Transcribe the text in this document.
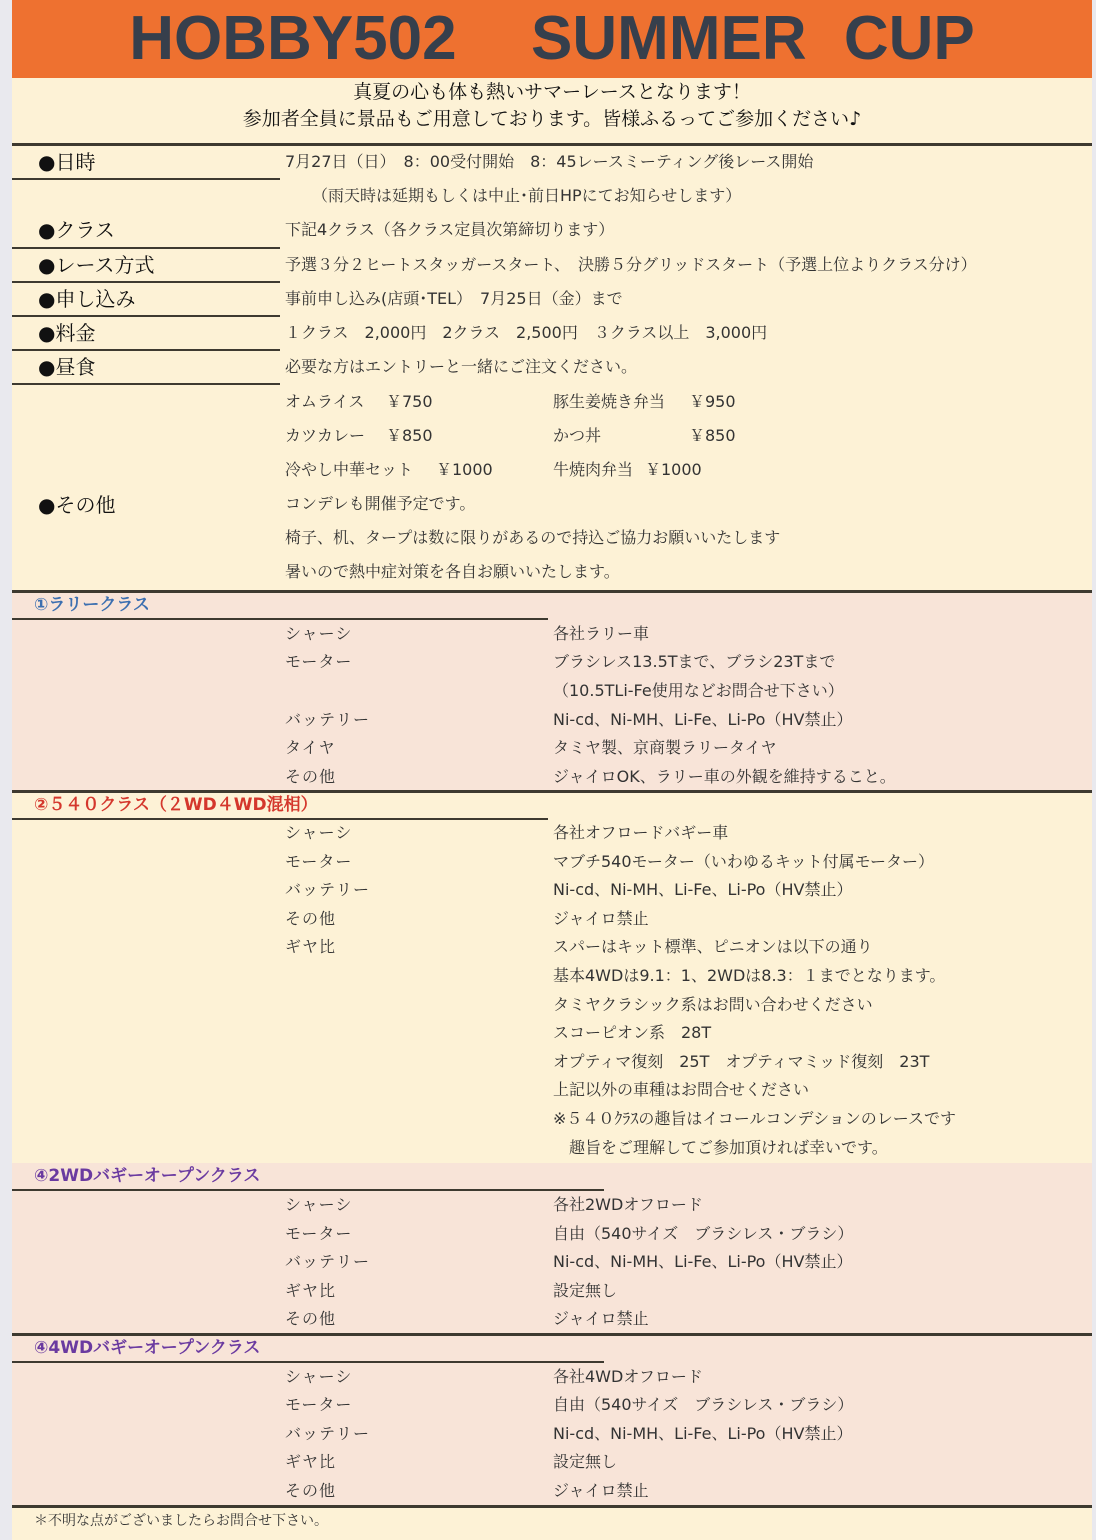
HOBBY502  SUMMER CUP
真夏の心も体も熱いサマーレースとなります！
参加者全員に景品もご用意しております。皆様ふるってご参加ください♪
●日時	7月27日（日）　8：00受付開始　8：45レースミーティング後レース開始
（雨天時は延期もしくは中止･前日HPにてお知らせします）
●クラス	下記4クラス（各クラス定員次第締切ります）
●レース方式	予選３分２ヒートスタッガースタート、　決勝５分グリッドスタート（予選上位よりクラス分け）
●申し込み	事前申し込み(店頭･TEL）　7月25日（金）まで
●料金	１クラス　2,000円　2クラス　2,500円　３クラス以上　3,000円
●昼食	必要な方はエントリーと一緒にご注文ください。
オムライス ￥750	豚生姜焼き弁当 ￥950
カツカレー ￥850	かつ丼	￥850
冷やし中華セット ￥1000	牛焼肉弁当 ￥1000
●その他	コンデレも開催予定です。
椅子、机、タープは数に限りがあるので持込ご協力お願いいたします
暑いので熱中症対策を各自お願いいたします。
①ラリークラス
シャーシ	各社ラリー車
モーター	ブラシレス13.5Tまで、ブラシ23Tまで
（10.5TLi-Fe使用などお問合せ下さい）
バッテリー	Ni-cd、Ni-MH、Li-Fe、Li-Po（HV禁止）
タイヤ	タミヤ製、京商製ラリータイヤ
その他	ジャイロOK、ラリー車の外観を維持すること。
②５４０クラス（２WD４WD混相）
シャーシ	各社オフロードバギー車
モーター	マブチ540モーター（いわゆるキット付属モーター）
バッテリー	Ni-cd、Ni-MH、Li-Fe、Li-Po（HV禁止）
その他	ジャイロ禁止
ギヤ比	スパーはキット標準、ピニオンは以下の通り
基本4WDは9.1：1、2WDは8.3：１までとなります。
タミヤクラシック系はお問い合わせください
スコーピオン系　28T
オプティマ復刻　25T　オプティマミッド復刻　23T
上記以外の車種はお問合せください
※５４０ｸﾗｽの趣旨はイコールコンデションのレースです
　趣旨をご理解してご参加頂ければ幸いです。
④2WDバギーオープンクラス
シャーシ	各社2WDオフロード
モーター	自由（540サイズ　ブラシレス・ブラシ）
バッテリー	Ni-cd、Ni-MH、Li-Fe、Li-Po（HV禁止）
ギヤ比	設定無し
その他	ジャイロ禁止
④4WDバギーオープンクラス
シャーシ	各社4WDオフロード
モーター	自由（540サイズ　ブラシレス・ブラシ）
バッテリー	Ni-cd、Ni-MH、Li-Fe、Li-Po（HV禁止）
ギヤ比	設定無し
その他	ジャイロ禁止
＊不明な点がございましたらお問合せ下さい。
